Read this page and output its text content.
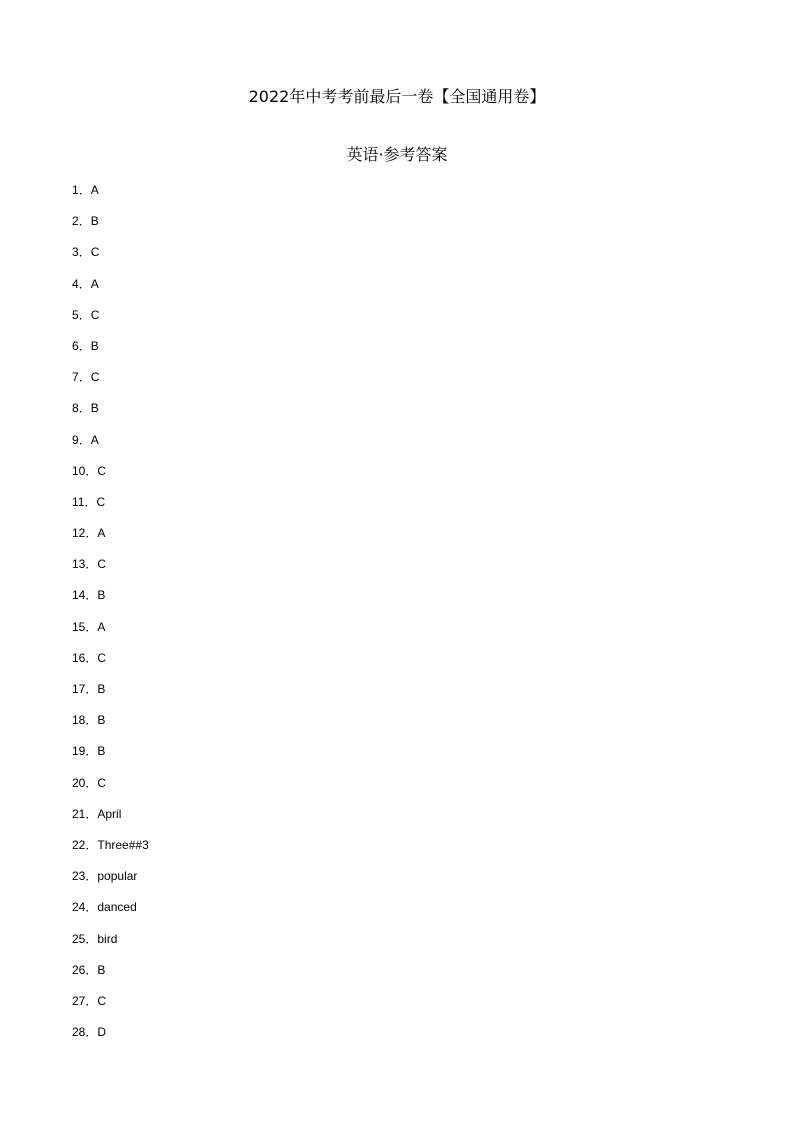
2022年中考考前最后一卷【全国通用卷】
英语·参考答案
1．A
2．B
3．C
4．A
5．C
6．B
7．C
8．B
9．A
10．C
11．C
12．A
13．C
14．B
15．A
16．C
17．B
18．B
19．B
20．C
21．April
22．Three##3
23．popular
24．danced
25．bird
26．B
27．C
28．D
